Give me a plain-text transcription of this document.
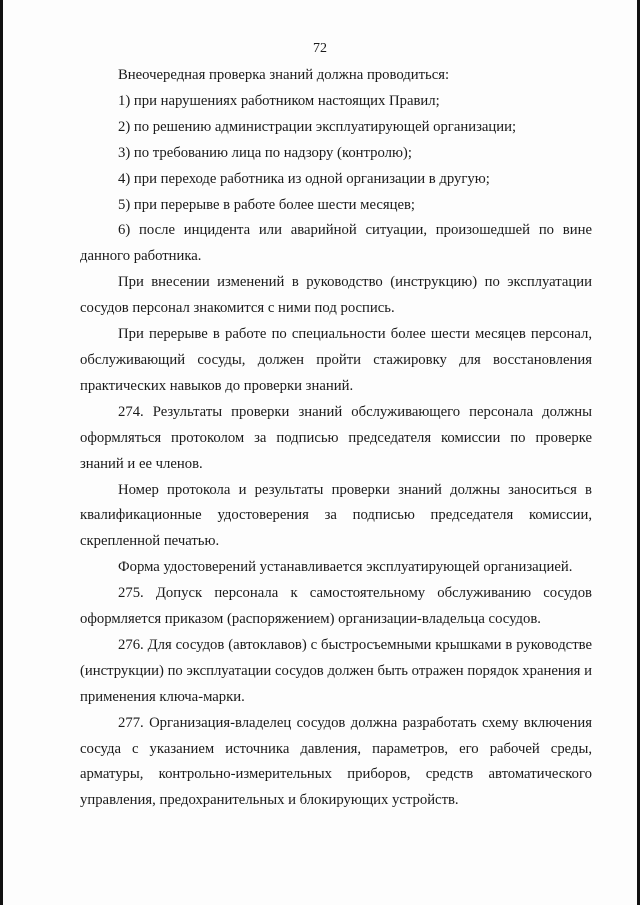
72

Внеочередная проверка знаний должна проводиться:

1) при нарушениях работником настоящих Правил;

2) по решению администрации эксплуатирующей организации;

3) по требованию лица по надзору (контролю);

4) при переходе работника из одной организации в другую;

5) при перерыве в работе более шести месяцев;

6) после инцидента или аварийной ситуации, произошедшей по вине данного работника.

При внесении изменений в руководство (инструкцию) по эксплуатации сосудов персонал знакомится с ними под роспись.

При перерыве в работе по специальности более шести месяцев персонал, обслуживающий сосуды, должен пройти стажировку для восстановления практических навыков до проверки знаний.

274. Результаты проверки знаний обслуживающего персонала должны оформляться протоколом за подписью председателя комиссии по проверке знаний и ее членов.

Номер протокола и результаты проверки знаний должны заноситься в квалификационные удостоверения за подписью председателя комиссии, скрепленной печатью.

Форма удостоверений устанавливается эксплуатирующей организацией.

275. Допуск персонала к самостоятельному обслуживанию сосудов оформляется приказом (распоряжением) организации-владельца сосудов.

276. Для сосудов (автоклавов) с быстросъемными крышками в руководстве (инструкции) по эксплуатации сосудов должен быть отражен порядок хранения и применения ключа-марки.

277. Организация-владелец сосудов должна разработать схему включения сосуда с указанием источника давления, параметров, его рабочей среды, арматуры, контрольно-измерительных приборов, средств автоматического управления, предохранительных и блокирующих устройств.
